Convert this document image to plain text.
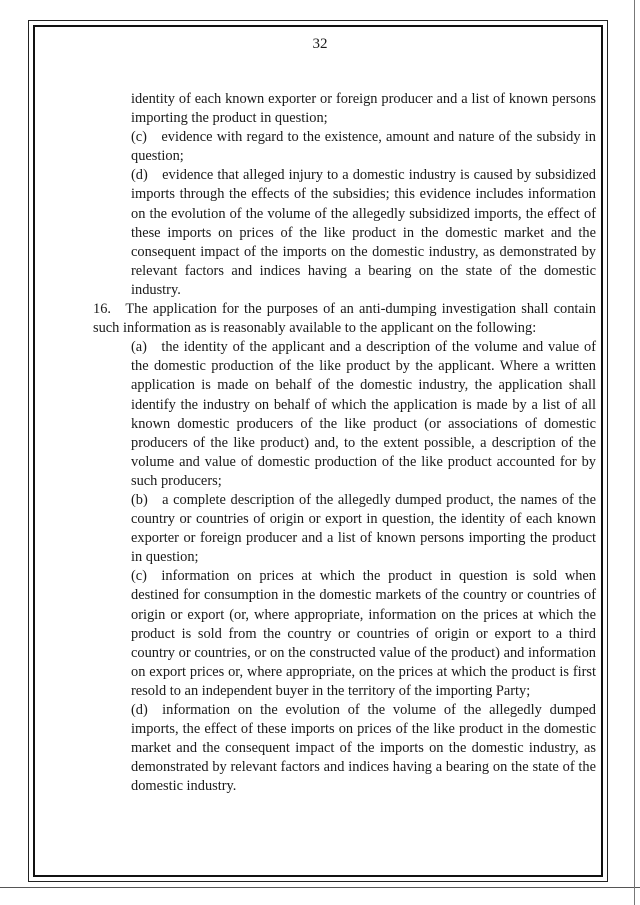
32

identity of each known exporter or foreign producer and a list of known persons importing the product in question;

(c) evidence with regard to the existence, amount and nature of the subsidy in question;

(d) evidence that alleged injury to a domestic industry is caused by subsidized imports through the effects of the subsidies; this evidence includes information on the evolution of the volume of the allegedly subsidized imports, the effect of these imports on prices of the like product in the domestic market and the consequent impact of the imports on the domestic industry, as demonstrated by relevant factors and indices having a bearing on the state of the domestic industry.

16. The application for the purposes of an anti-dumping investigation shall contain such information as is reasonably available to the applicant on the following:

(a) the identity of the applicant and a description of the volume and value of the domestic production of the like product by the applicant. Where a written application is made on behalf of the domestic industry, the application shall identify the industry on behalf of which the application is made by a list of all known domestic producers of the like product (or associations of domestic producers of the like product) and, to the extent possible, a description of the volume and value of domestic production of the like product accounted for by such producers;

(b) a complete description of the allegedly dumped product, the names of the country or countries of origin or export in question, the identity of each known exporter or foreign producer and a list of known persons importing the product in question;

(c) information on prices at which the product in question is sold when destined for consumption in the domestic markets of the country or countries of origin or export (or, where appropriate, information on the prices at which the product is sold from the country or countries of origin or export to a third country or countries, or on the constructed value of the product) and information on export prices or, where appropriate, on the prices at which the product is first resold to an independent buyer in the territory of the importing Party;

(d) information on the evolution of the volume of the allegedly dumped imports, the effect of these imports on prices of the like product in the domestic market and the consequent impact of the imports on the domestic industry, as demonstrated by relevant factors and indices having a bearing on the state of the domestic industry.
